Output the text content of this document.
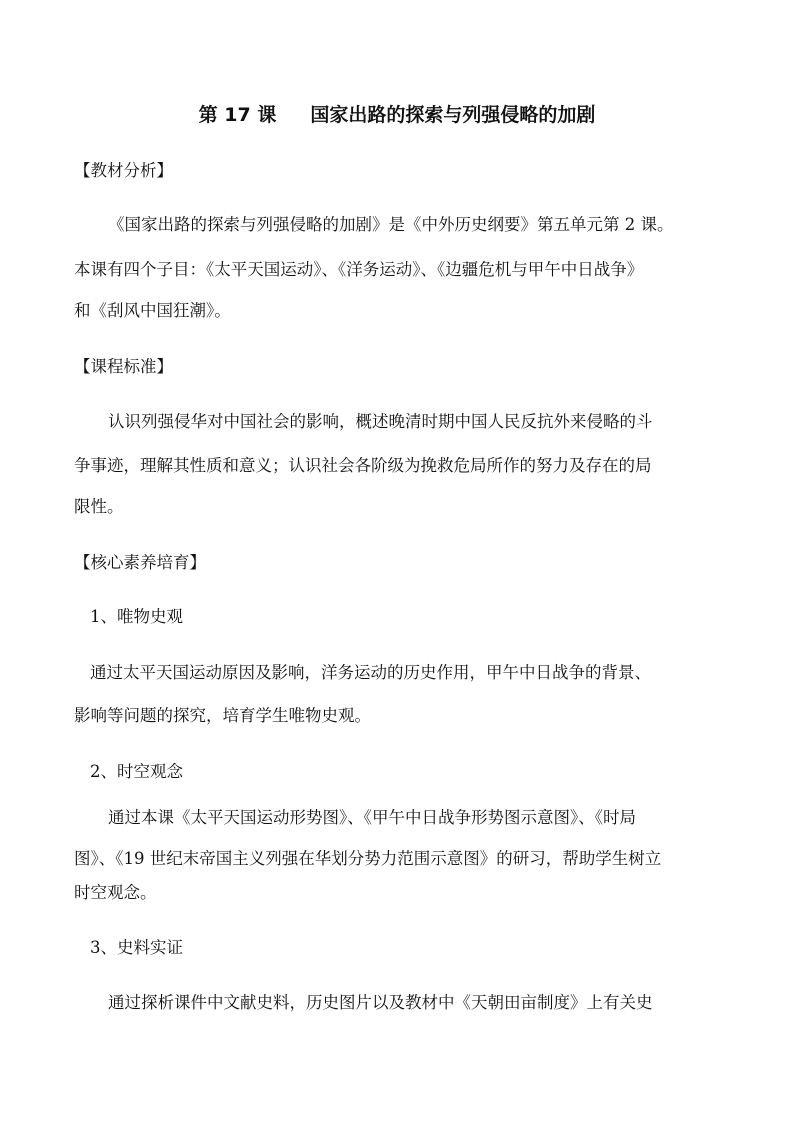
第 17 课 国家出路的探索与列强侵略的加剧
【教材分析】
《国家出路的探索与列强侵略的加剧》是《中外历史纲要》第五单元第 2 课。
本课有四个子目：《太平天国运动》、《洋务运动》、《边疆危机与甲午中日战争》
和《刮风中国狂潮》。
【课程标准】
认识列强侵华对中国社会的影响，概述晚清时期中国人民反抗外来侵略的斗
争事迹，理解其性质和意义；认识社会各阶级为挽救危局所作的努力及存在的局
限性。
【核心素养培育】
1、唯物史观
通过太平天国运动原因及影响，洋务运动的历史作用，甲午中日战争的背景、
影响等问题的探究，培育学生唯物史观。
2、时空观念
通过本课《太平天国运动形势图》、《甲午中日战争形势图示意图》、《时局
图》、《19 世纪末帝国主义列强在华划分势力范围示意图》的研习，帮助学生树立
时空观念。
3、史料实证
通过探析课件中文献史料，历史图片以及教材中《天朝田亩制度》上有关史
